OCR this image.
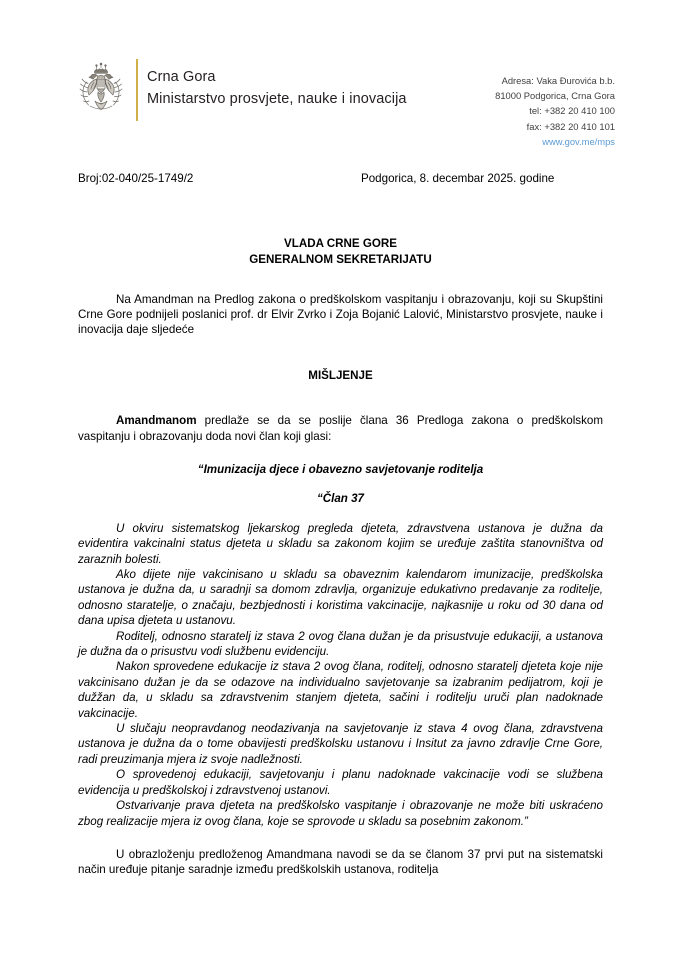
Crna Gora
Ministarstvo prosvjete, nauke i inovacija
Adresa: Vaka Đurovića b.b.
81000 Podgorica, Crna Gora
tel: +382 20 410 100
fax: +382 20 410 101
www.gov.me/mps
Broj:02-040/25-1749/2	Podgorica, 8. decembar 2025. godine
VLADA CRNE GORE
GENERALNOM SEKRETARIJATU

Na Amandman na Predlog zakona o predškolskom vaspitanju i obrazovanju, koji su Skupštini Crne Gore podnijeli poslanici prof. dr Elvir Zvrko i Zoja Bojanić Lalović, Ministarstvo prosvjete, nauke i inovacija daje sljedeće

MIŠLJENJE

Amandmanom predlaže se da se poslije člana 36 Predloga zakona o predškolskom vaspitanju i obrazovanju doda novi član koji glasi:

“Imunizacija djece i obavezno savjetovanje roditelja

“Član 37

U okviru sistematskog ljekarskog pregleda djeteta, zdravstvena ustanova je dužna da evidentira vakcinalni status djeteta u skladu sa zakonom kojim se uređuje zaštita stanovništva od zaraznih bolesti.

Ako dijete nije vakcinisano u skladu sa obaveznim kalendarom imunizacije, predškolska ustanova je dužna da, u saradnji sa domom zdravlja, organizuje edukativno predavanje za roditelje, odnosno staratelje, o značaju, bezbjednosti i koristima vakcinacije, najkasnije u roku od 30 dana od dana upisa djeteta u ustanovu.

Roditelj, odnosno staratelj iz stava 2 ovog člana dužan je da prisustvuje edukaciji, a ustanova je dužna da o prisustvu vodi službenu evidenciju.

Nakon sprovedene edukacije iz stava 2 ovog člana, roditelj, odnosno staratelj djeteta koje nije vakcinisano dužan je da se odazove na individualno savjetovanje sa izabranim pedijatrom, koji je dužžan da, u skladu sa zdravstvenim stanjem djeteta, sačini i roditelju uruči plan nadoknade vakcinacije.

U slučaju neopravdanog neodazivanja na savjetovanje iz stava 4 ovog člana, zdravstvena ustanova je dužna da o tome obavijesti predškolsku ustanovu i Insitut za javno zdravlje Crne Gore, radi preuzimanja mjera iz svoje nadležnosti.

O sprovedenoj edukaciji, savjetovanju i planu nadoknade vakcinacije vodi se službena evidencija u predškolskoj i zdravstvenoj ustanovi.

Ostvarivanje prava djeteta na predškolsko vaspitanje i obrazovanje ne može biti uskraćeno zbog realizacije mjera iz ovog člana, koje se sprovode u skladu sa posebnim zakonom.”

U obrazloženju predloženog Amandmana navodi se da se članom 37 prvi put na sistematski način uređuje pitanje saradnje između predškolskih ustanova, roditelja
